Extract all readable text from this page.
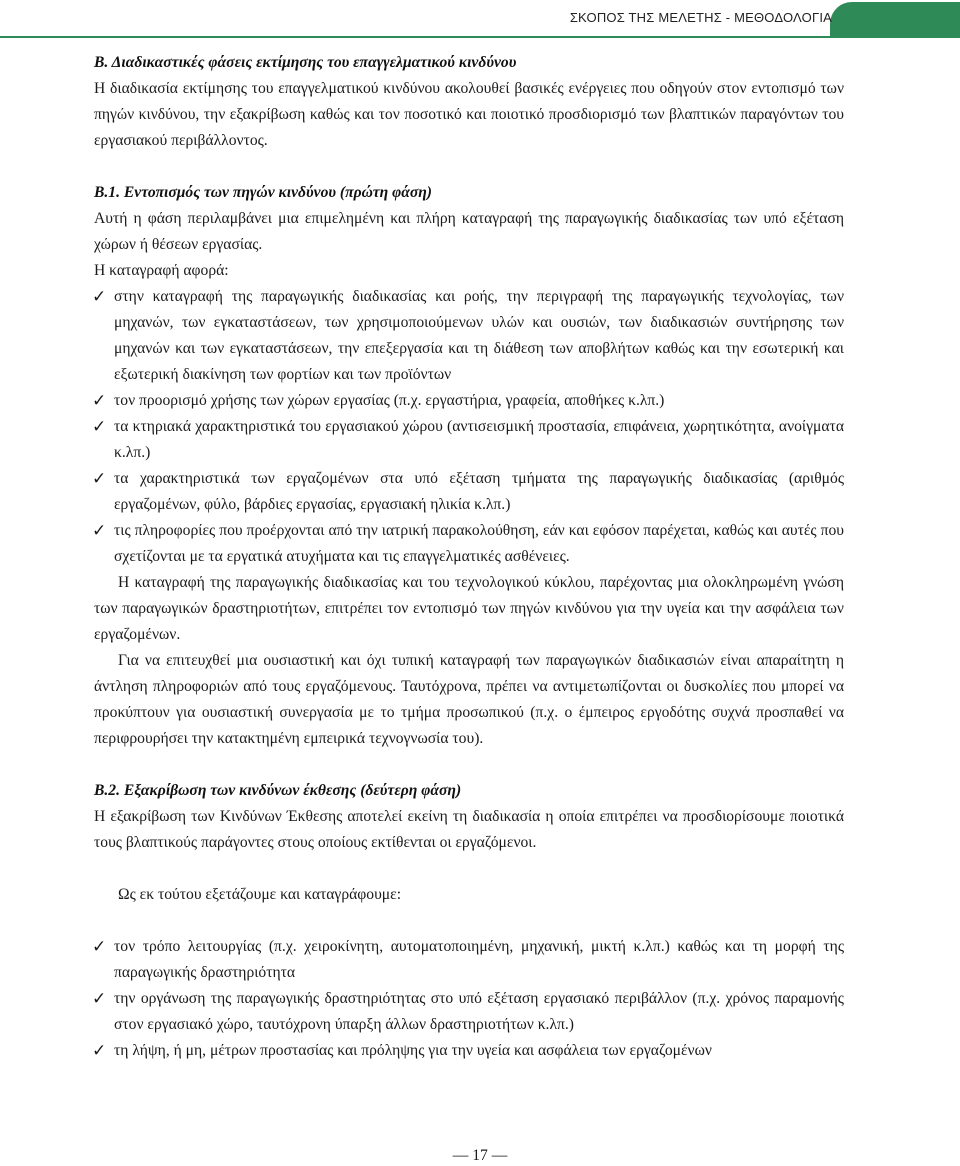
ΣΚΟΠΟΣ ΤΗΣ ΜΕΛΕΤΗΣ - ΜΕΘΟΔΟΛΟΓΙΑ
Β. Διαδικαστικές φάσεις εκτίμησης του επαγγελματικού κινδύνου

Η διαδικασία εκτίμησης του επαγγελματικού κινδύνου ακολουθεί βασικές ενέργειες που οδηγούν στον εντοπισμό των πηγών κινδύνου, την εξακρίβωση καθώς και τον ποσοτικό και ποιοτικό προσδιορισμό των βλαπτικών παραγόντων του εργασιακού περιβάλλοντος.

Β.1. Εντοπισμός των πηγών κινδύνου (πρώτη φάση)

Αυτή η φάση περιλαμβάνει μια επιμελημένη και πλήρη καταγραφή της παραγωγικής διαδικασίας των υπό εξέταση χώρων ή θέσεων εργασίας.

Η καταγραφή αφορά:

✓ στην καταγραφή της παραγωγικής διαδικασίας και ροής, την περιγραφή της παραγωγικής τεχνολογίας, των μηχανών, των εγκαταστάσεων, των χρησιμοποιούμενων υλών και ουσιών, των διαδικασιών συντήρησης των μηχανών και των εγκαταστάσεων, την επεξεργασία και τη διάθεση των αποβλήτων καθώς και την εσωτερική και εξωτερική διακίνηση των φορτίων και των προϊόντων
✓ τον προορισμό χρήσης των χώρων εργασίας (π.χ. εργαστήρια, γραφεία, αποθήκες κ.λπ.)
✓ τα κτηριακά χαρακτηριστικά του εργασιακού χώρου (αντισεισμική προστασία, επιφάνεια, χωρητικότητα, ανοίγματα κ.λπ.)
✓ τα χαρακτηριστικά των εργαζομένων στα υπό εξέταση τμήματα της παραγωγικής διαδικασίας (αριθμός εργαζομένων, φύλο, βάρδιες εργασίας, εργασιακή ηλικία κ.λπ.)
✓ τις πληροφορίες που προέρχονται από την ιατρική παρακολούθηση, εάν και εφόσον παρέχεται, καθώς και αυτές που σχετίζονται με τα εργατικά ατυχήματα και τις επαγγελματικές ασθένειες.

Η καταγραφή της παραγωγικής διαδικασίας και του τεχνολογικού κύκλου, παρέχοντας μια ολοκληρωμένη γνώση των παραγωγικών δραστηριοτήτων, επιτρέπει τον εντοπισμό των πηγών κινδύνου για την υγεία και την ασφάλεια των εργαζομένων.

Για να επιτευχθεί μια ουσιαστική και όχι τυπική καταγραφή των παραγωγικών διαδικασιών είναι απαραίτητη η άντληση πληροφοριών από τους εργαζόμενους. Ταυτόχρονα, πρέπει να αντιμετωπίζονται οι δυσκολίες που μπορεί να προκύπτουν για ουσιαστική συνεργασία με το τμήμα προσωπικού (π.χ. ο έμπειρος εργοδότης συχνά προσπαθεί να περιφρουρήσει την κατακτημένη εμπειρικά τεχνογνωσία του).

Β.2. Εξακρίβωση των κινδύνων έκθεσης (δεύτερη φάση)

Η εξακρίβωση των Κινδύνων Έκθεσης αποτελεί εκείνη τη διαδικασία η οποία επιτρέπει να προσδιορίσουμε ποιοτικά τους βλαπτικούς παράγοντες στους οποίους εκτίθενται οι εργαζόμενοι.

Ως εκ τούτου εξετάζουμε και καταγράφουμε:

✓ τον τρόπο λειτουργίας (π.χ. χειροκίνητη, αυτοματοποιημένη, μηχανική, μικτή κ.λπ.) καθώς και τη μορφή της παραγωγικής δραστηριότητα
✓ την οργάνωση της παραγωγικής δραστηριότητας στο υπό εξέταση εργασιακό περιβάλλον (π.χ. χρόνος παραμονής στον εργασιακό χώρο, ταυτόχρονη ύπαρξη άλλων δραστηριοτήτων κ.λπ.)
✓ τη λήψη, ή μη, μέτρων προστασίας και πρόληψης για την υγεία και ασφάλεια των εργαζομένων
— 17 —
